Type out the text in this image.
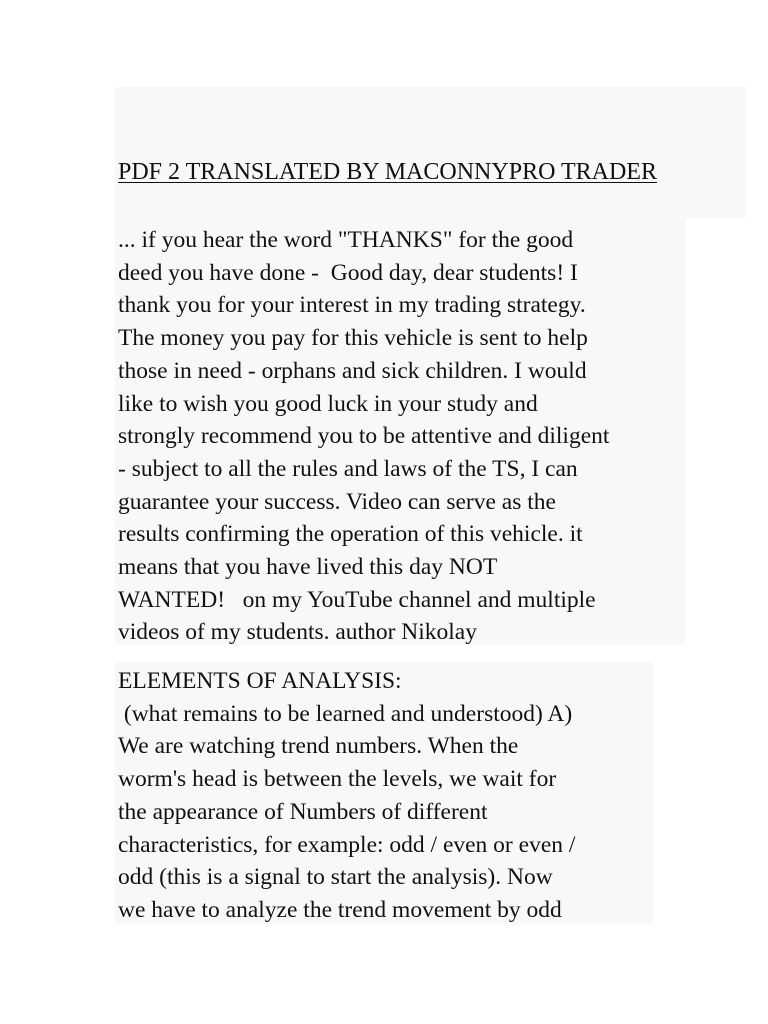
PDF 2 TRANSLATED BY MACONNYPRO TRADER
... if you hear the word "THANKS" for the good
deed you have done -  Good day, dear students! I
thank you for your interest in my trading strategy.
The money you pay for this vehicle is sent to help
those in need - orphans and sick children. I would
like to wish you good luck in your study and
strongly recommend you to be attentive and diligent
- subject to all the rules and laws of the TS, I can
guarantee your success. Video can serve as the
results confirming the operation of this vehicle. it
means that you have lived this day NOT
WANTED!   on my YouTube channel and multiple
videos of my students. author Nikolay
ELEMENTS OF ANALYSIS:
(what remains to be learned and understood) A)
We are watching trend numbers. When the
worm's head is between the levels, we wait for
the appearance of Numbers of different
characteristics, for example: odd / even or even /
odd (this is a signal to start the analysis). Now
we have to analyze the trend movement by odd
